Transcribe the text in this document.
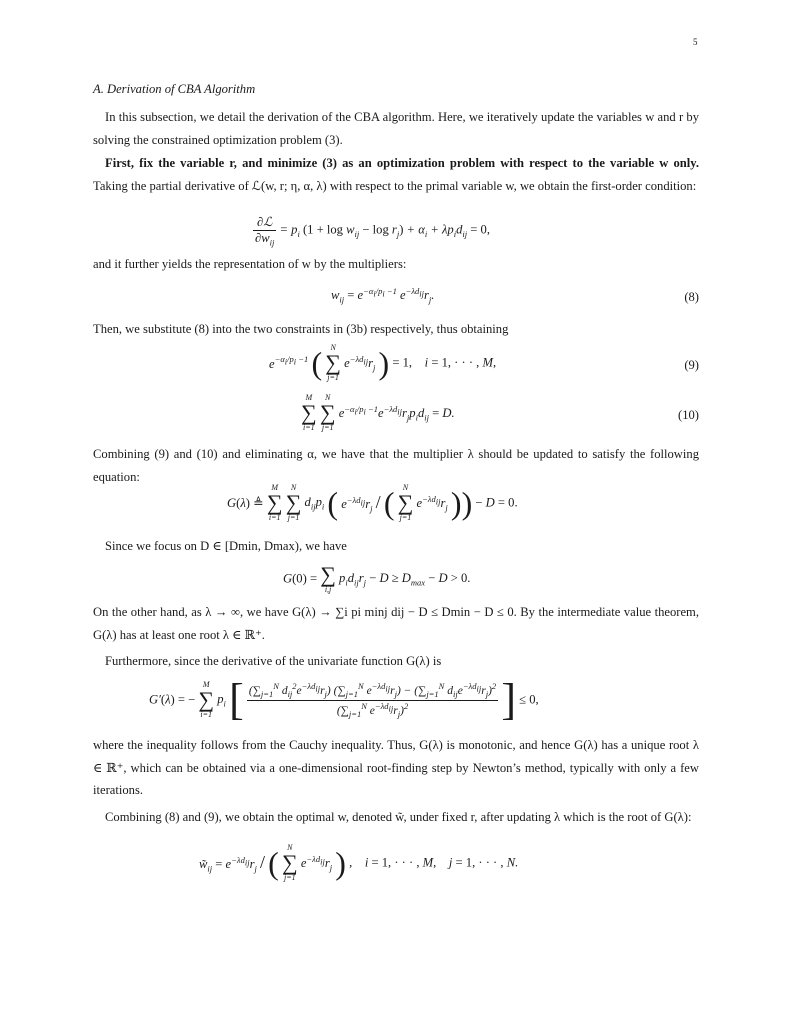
5
A. Derivation of CBA Algorithm
In this subsection, we detail the derivation of the CBA algorithm. Here, we iteratively update the variables w and r by solving the constrained optimization problem (3).
First, fix the variable r, and minimize (3) as an optimization problem with respect to the variable w only. Taking the partial derivative of ℒ(w, r; η, α, λ) with respect to the primal variable w, we obtain the first-order condition:
$\frac{\text{∂ℒ}}{\partial w_{ij}} = p_i$ $(1 + \log w_{ij} - \log r_j) + \alpha_i + \lambda p_id_{ij} = 0$,
and it further yields the representation of w by the multipliers:
$w_{ij} = e^{-\alpha_i/p_i -1}$ $e^{-\lambda d_{ij}}r_j$.	(8)
Then, we substitute (8) into the two constraints in (3b) respectively, thus obtaining
$e^{-\alpha_i/p_i -1}$ (	N
∑
j=1
$e^{-\lambda d_{ij}}r_j$ ) = 1,    i = 1, · · · , M,	(9)
M
∑
i=1

N
∑
j=1
$e^{-\alpha_i/p_i -1}e^{-\lambda d_{ij}}r_jp_id_{ij} = D$.	(10)
Combining (9) and (10) and eliminating α, we have that the multiplier λ should be updated to satisfy the following equation:
G(λ) ≜
M
∑
i=1

N
∑
j=1
$d_{ij}p_i$ ( $e^{-\lambda d_{ij}}r_j$ / (	N
∑
j=1
$e^{-\lambda d_{ij}}r_j$ )) − D = 0.
Since we focus on D ∈ [Dmin, Dmax), we have
G(0) = ∑
i,j
$p_id_{ij}r_j - D \ge D_{max} - D > 0$.
On the other hand, as λ → ∞, we have G(λ) → ∑i pi minj dij − D ≤ Dmin − D ≤ 0. By the intermediate value theorem, G(λ) has at least one root λ ∈ ℝ⁺.
Furthermore, since the derivative of the univariate function G(λ) is
G′(λ) = −
M
∑
i=1
$p_i$ [ $\frac{(\sum_{j=1}^N d_{ij}^2e^{-\lambda d_{ij}}r_j) (\sum_{j=1}^N e^{-\lambda d_{ij}}r_j) - (\sum_{j=1}^N d_{ij}e^{-\lambda d_{ij}}r_j)^2}{(\sum_{j=1}^N e^{-\lambda d_{ij}}r_j)^2}$ ] ≤ 0,
where the inequality follows from the Cauchy inequality. Thus, G(λ) is monotonic, and hence G(λ) has a unique root λ ∈ ℝ⁺, which can be obtained via a one-dimensional root-finding step by Newton’s method, typically with only a few iterations.
Combining (8) and (9), we obtain the optimal w, denoted w̃, under fixed r, after updating λ which is the root of G(λ):
$w̃_{ij} = e^{-\lambda d_{ij}}r_j$ / (	N
∑
j=1
$e^{-\lambda d_{ij}}r_j$ ) ,    i = 1, · · · , M,    j = 1, · · · , N.
